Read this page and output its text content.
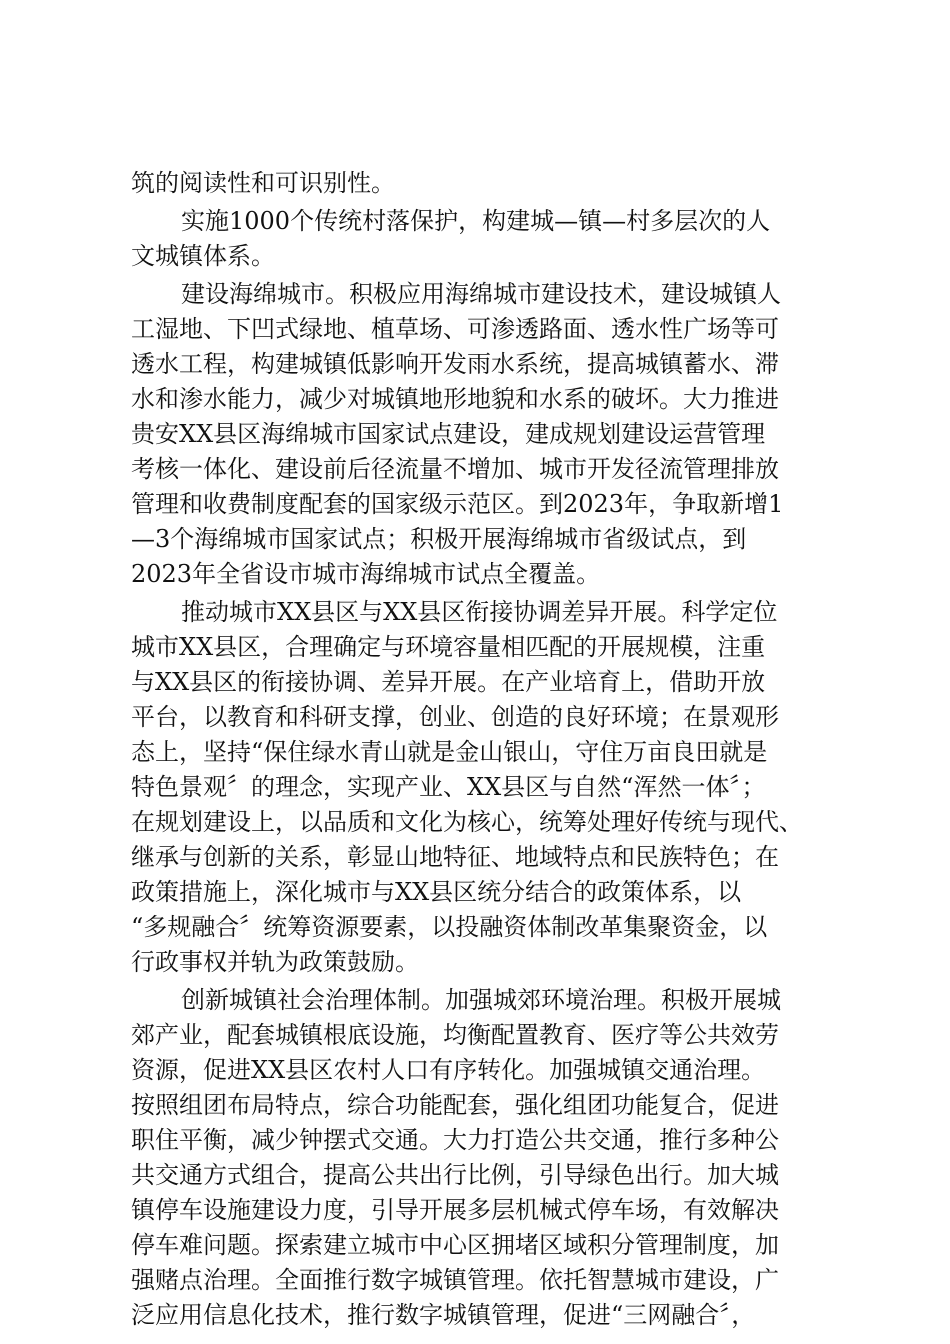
筑的阅读性和可识别性。
实施1000个传统村落保护，构建城—镇—村多层次的人
文城镇体系。
建设海绵城市。积极应用海绵城市建设技术，建设城镇人
工湿地、下凹式绿地、植草场、可渗透路面、透水性广场等可
透水工程，构建城镇低影响开发雨水系统，提高城镇蓄水、滞
水和渗水能力，减少对城镇地形地貌和水系的破坏。大力推进
贵安XX县区海绵城市国家试点建设，建成规划建设运营管理
考核一体化、建设前后径流量不增加、城市开发径流管理排放
管理和收费制度配套的国家级示范区。到2023年，争取新增1
—3个海绵城市国家试点；积极开展海绵城市省级试点，到
2023年全省设市城市海绵城市试点全覆盖。
推动城市XX县区与XX县区衔接协调差异开展。科学定位
城市XX县区，合理确定与环境容量相匹配的开展规模，注重
与XX县区的衔接协调、差异开展。在产业培育上，借助开放
平台，以教育和科研支撑，创业、创造的良好环境；在景观形
态上，坚持“保住绿水青山就是金山银山，守住万亩良田就是
特色景观〞的理念，实现产业、XX县区与自然“浑然一体〞；
在规划建设上，以品质和文化为核心，统筹处理好传统与现代、
继承与创新的关系，彰显山地特征、地域特点和民族特色；在
政策措施上，深化城市与XX县区统分结合的政策体系，以
“多规融合〞统筹资源要素，以投融资体制改革集聚资金，以
行政事权并轨为政策鼓励。
创新城镇社会治理体制。加强城郊环境治理。积极开展城
郊产业，配套城镇根底设施，均衡配置教育、医疗等公共效劳
资源，促进XX县区农村人口有序转化。加强城镇交通治理。
按照组团布局特点，综合功能配套，强化组团功能复合，促进
职住平衡，减少钟摆式交通。大力打造公共交通，推行多种公
共交通方式组合，提高公共出行比例，引导绿色出行。加大城
镇停车设施建设力度，引导开展多层机械式停车场，有效解决
停车难问题。探索建立城市中心区拥堵区域积分管理制度，加
强赌点治理。全面推行数字城镇管理。依托智慧城市建设，广
泛应用信息化技术，推行数字城镇管理，促进“三网融合〞，
